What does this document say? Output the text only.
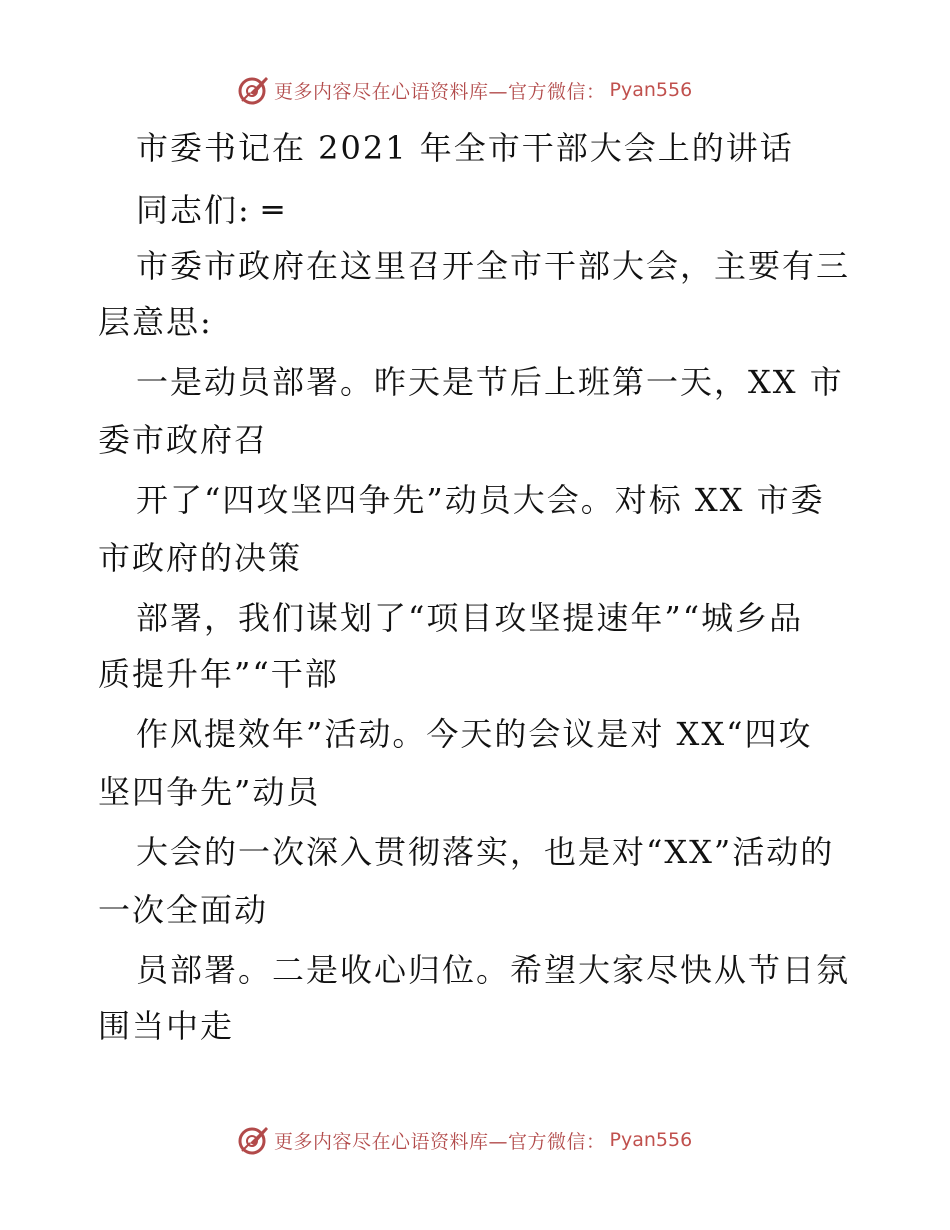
更多内容尽在心语资料库—官方微信： Pyan556
市委书记在 2021 年全市干部大会上的讲话
同志们: ═
市委市政府在这里召开全市干部大会，主要有三
层意思:
一是动员部署。昨天是节后上班第一天，XX 市
委市政府召
开了“四攻坚四争先”动员大会。对标 XX 市委
市政府的决策
部署，我们谋划了“项目攻坚提速年”“城乡品
质提升年”“干部
作风提效年”活动。今天的会议是对 XX“四攻
坚四争先”动员
大会的一次深入贯彻落实，也是对“XX”活动的
一次全面动
员部署。二是收心归位。希望大家尽快从节日氛
围当中走
更多内容尽在心语资料库—官方微信： Pyan556
